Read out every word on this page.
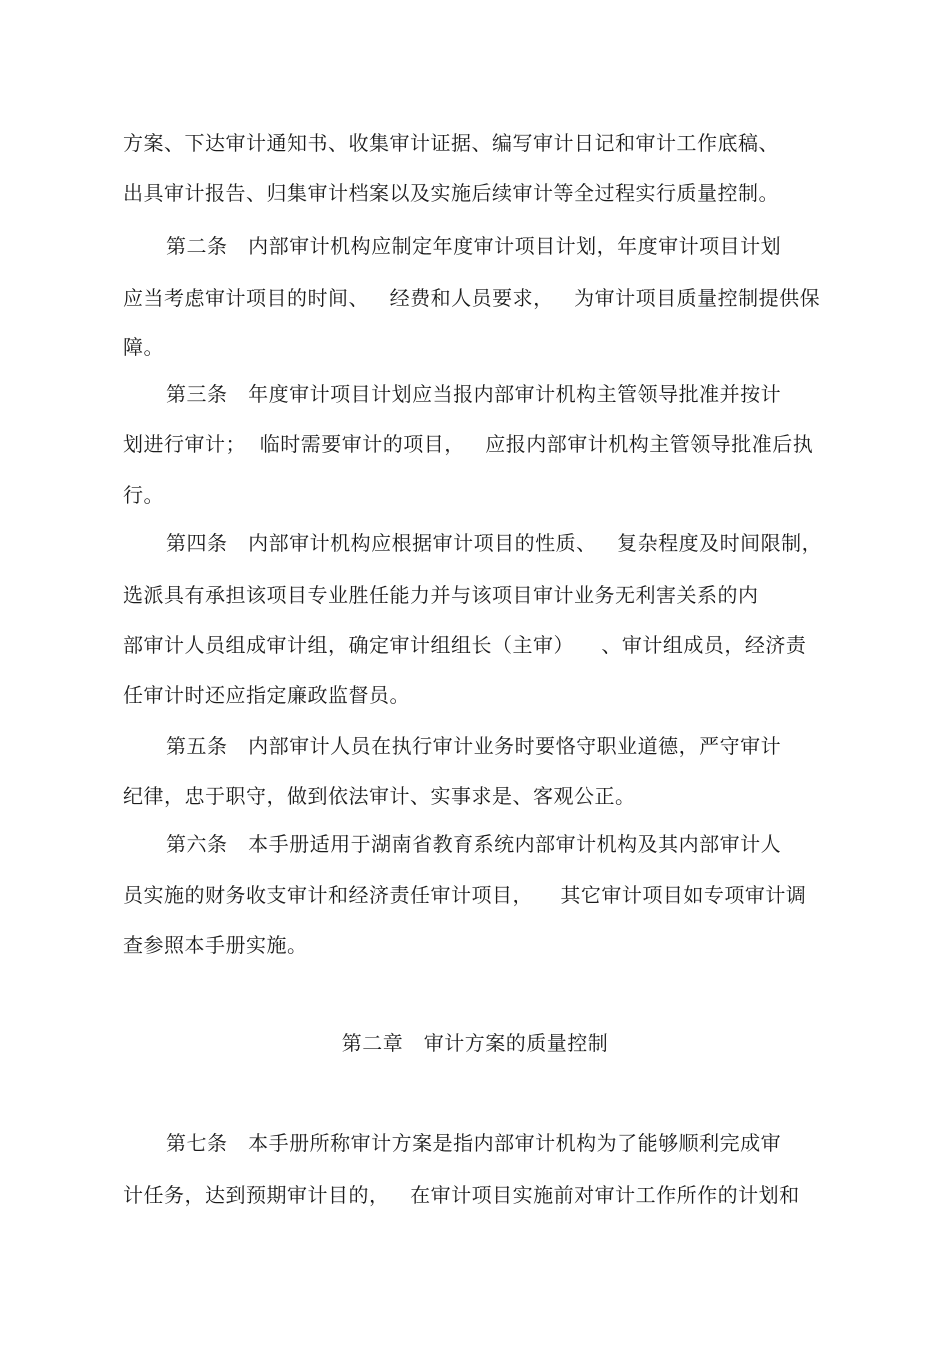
方案、下达审计通知书、收集审计证据、编写审计日记和审计工作底稿、
出具审计报告、归集审计档案以及实施后续审计等全过程实行质量控制。
第二条   内部审计机构应制定年度审计项目计划，年度审计项目计划
应当考虑审计项目的时间、   经费和人员要求，   为审计项目质量控制提供保
障。
第三条   年度审计项目计划应当报内部审计机构主管领导批准并按计
划进行审计；  临时需要审计的项目，   应报内部审计机构主管领导批准后执
行。
第四条   内部审计机构应根据审计项目的性质、   复杂程度及时间限制，
选派具有承担该项目专业胜任能力并与该项目审计业务无利害关系的内
部审计人员组成审计组，确定审计组组长（主审）    、审计组成员，经济责
任审计时还应指定廉政监督员。
第五条   内部审计人员在执行审计业务时要恪守职业道德，严守审计
纪律，忠于职守，做到依法审计、实事求是、客观公正。
第六条   本手册适用于湖南省教育系统内部审计机构及其内部审计人
员实施的财务收支审计和经济责任审计项目，    其它审计项目如专项审计调
查参照本手册实施。
第二章   审计方案的质量控制
第七条   本手册所称审计方案是指内部审计机构为了能够顺利完成审
计任务，达到预期审计目的，   在审计项目实施前对审计工作所作的计划和
